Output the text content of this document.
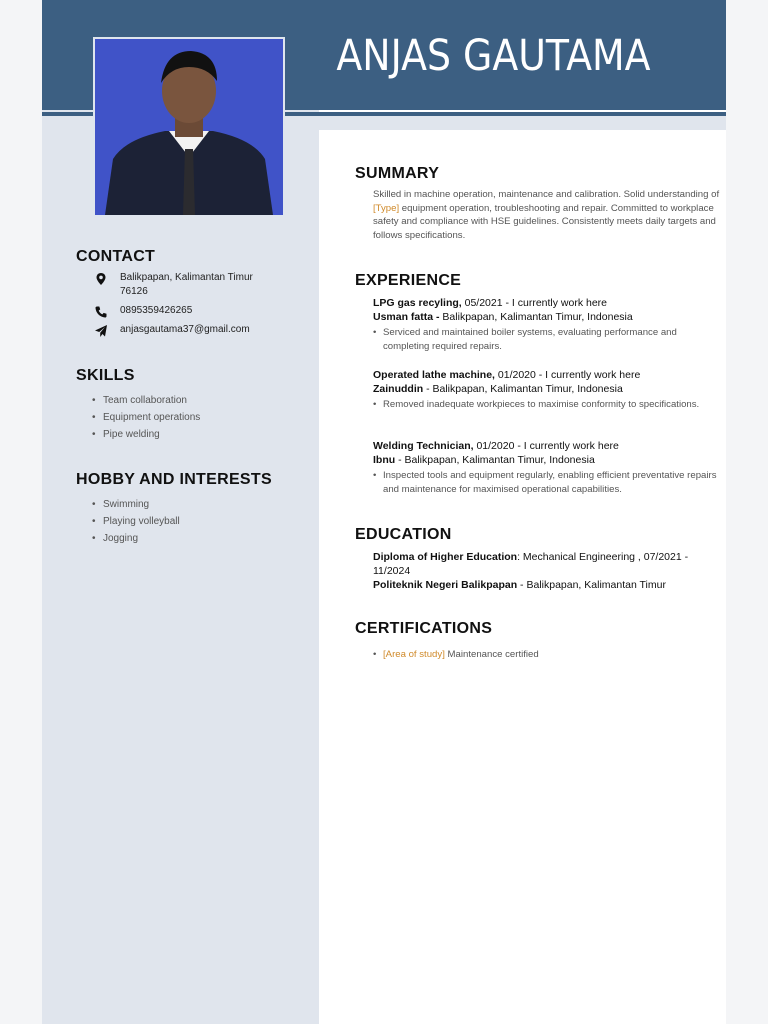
ANJAS GAUTAMA
CONTACT
Balikpapan, Kalimantan Timur 76126
0895359426265
anjasgautama37@gmail.com
SKILLS
• Team collaboration
• Equipment operations
• Pipe welding
HOBBY AND INTERESTS
• Swimming
• Playing volleyball
• Jogging
SUMMARY
Skilled in machine operation, maintenance and calibration. Solid understanding of [Type] equipment operation, troubleshooting and repair. Committed to workplace safety and compliance with HSE guidelines. Consistently meets daily targets and follows specifications.
EXPERIENCE
LPG gas recyling, 05/2021 - I currently work here
Usman fatta - Balikpapan, Kalimantan Timur, Indonesia
• Serviced and maintained boiler systems, evaluating performance and completing required repairs.
Operated lathe machine, 01/2020 - I currently work here
Zainuddin - Balikpapan, Kalimantan Timur, Indonesia
• Removed inadequate workpieces to maximise conformity to specifications.
Welding Technician, 01/2020 - I currently work here
Ibnu - Balikpapan, Kalimantan Timur, Indonesia
• Inspected tools and equipment regularly, enabling efficient preventative repairs and maintenance for maximised operational capabilities.
EDUCATION
Diploma of Higher Education: Mechanical Engineering , 07/2021 - 11/2024
Politeknik Negeri Balikpapan - Balikpapan, Kalimantan Timur
CERTIFICATIONS
• [Area of study] Maintenance certified
